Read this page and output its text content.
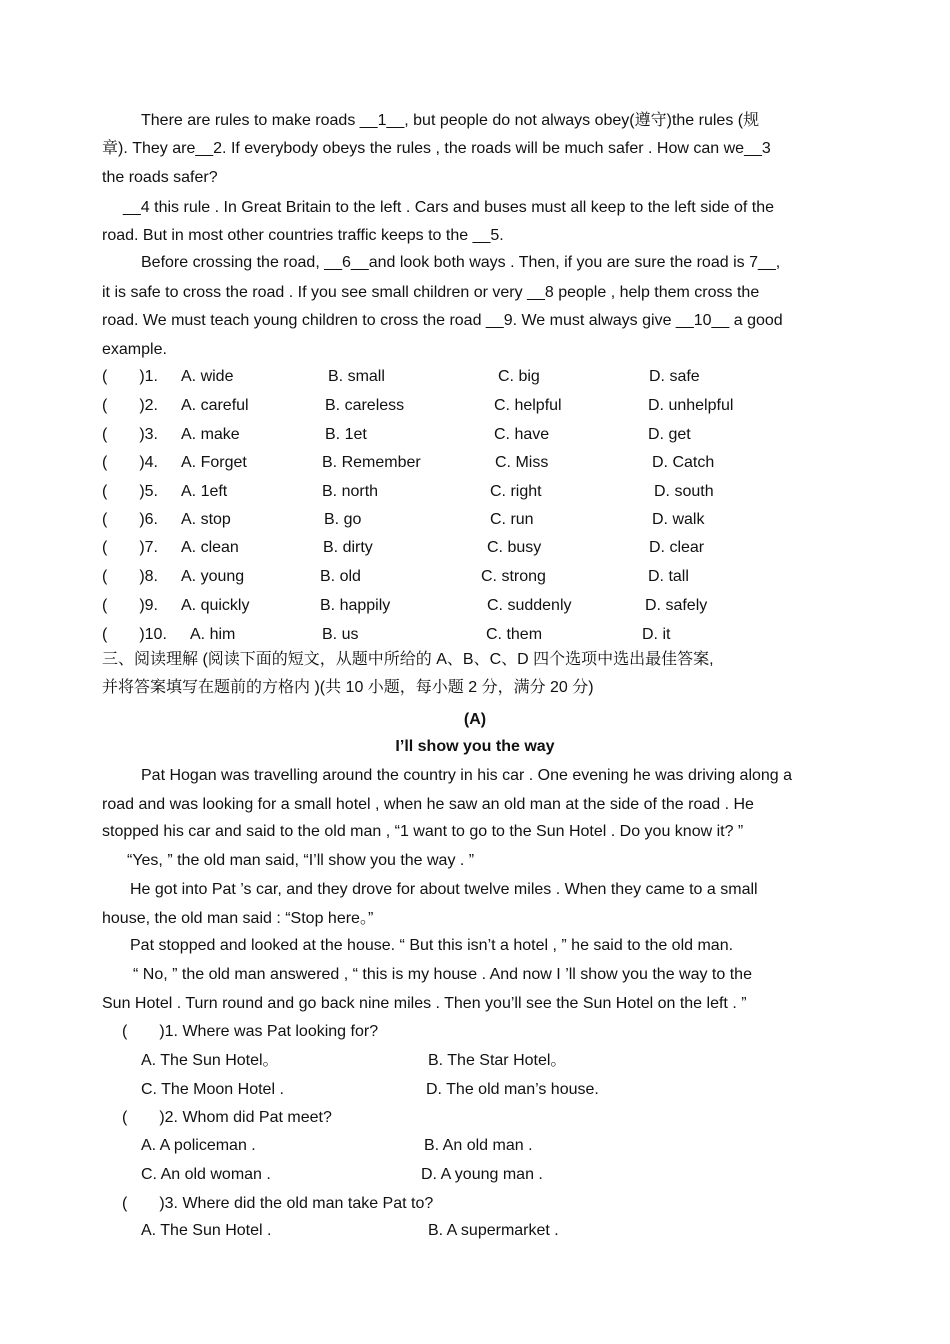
There are rules to make roads __1__, but people do not always obey(遵守)the rules (规
章). They are__2. If everybody obeys the rules , the roads will be much safer . How can we__3
the roads safer?
__4 this rule . In Great Britain to the left . Cars and buses must all keep to the left side of the
road. But in most other countries traffic keeps to the __5.
Before crossing the road, __6__and look both ways . Then, if you are sure the road is 7__,
it is safe to cross the road . If you see small children or very __8 people , help them cross the
road. We must teach young children to cross the road __9. We must always give __10__ a good
example.
(　　)1. A. wide	B. small	C. big	D. safe
(　　)2. A. careful	B. careless	C. helpful	D. unhelpful
(　　)3. A. make	B. 1et	C. have	D. get
(　　)4. A. Forget	B. Remember	C. Miss	D. Catch
(　　)5. A. 1eft	B. north	C. right	D. south
(　　)6. A. stop	B. go	C. run	D. walk
(　　)7. A. clean	B. dirty	C. busy	D. clear
(　　)8. A. young	B. old	C. strong	D. tall
(　　)9. A. quickly	B. happily	C. suddenly	D. safely
(　　)10. A. him	B. us	C. them	D. it
三、阅读理解 (阅读下面的短文，从题中所给的 A、B、C、D 四个选项中选出最佳答案,
并将答案填写在题前的方格内 )(共 10 小题，每小题 2 分，满分 20 分)
(A)
I’ll show you the way
Pat Hogan was travelling around the country in his car . One evening he was driving along a
road and was looking for a small hotel , when he saw an old man at the side of the road . He
stopped his car and said to the old man , “1 want to go to the Sun Hotel . Do you know it? ”
“Yes, ” the old man said, “I’ll show you the way . ”
He got into Pat ’s car, and they drove for about twelve miles . When they came to a small
house, the old man said : “Stop here。”
Pat stopped and looked at the house. “ But this isn’t a hotel , ” he said to the old man.
“ No, ” the old man answered , “ this is my house . And now I ’ll show you the way to the
Sun Hotel . Turn round and go back nine miles . Then you’ll see the Sun Hotel on the left . ”
(　　)1. Where was Pat looking for?
A. The Sun Hotel。	B. The Star Hotel。
C. The Moon Hotel .	D. The old man’s house.
(　　)2. Whom did Pat meet?
A. A policeman .	B. An old man .
C. An old woman .	D. A young man .
(　　)3. Where did the old man take Pat to?
A. The Sun Hotel .	B. A supermarket .
